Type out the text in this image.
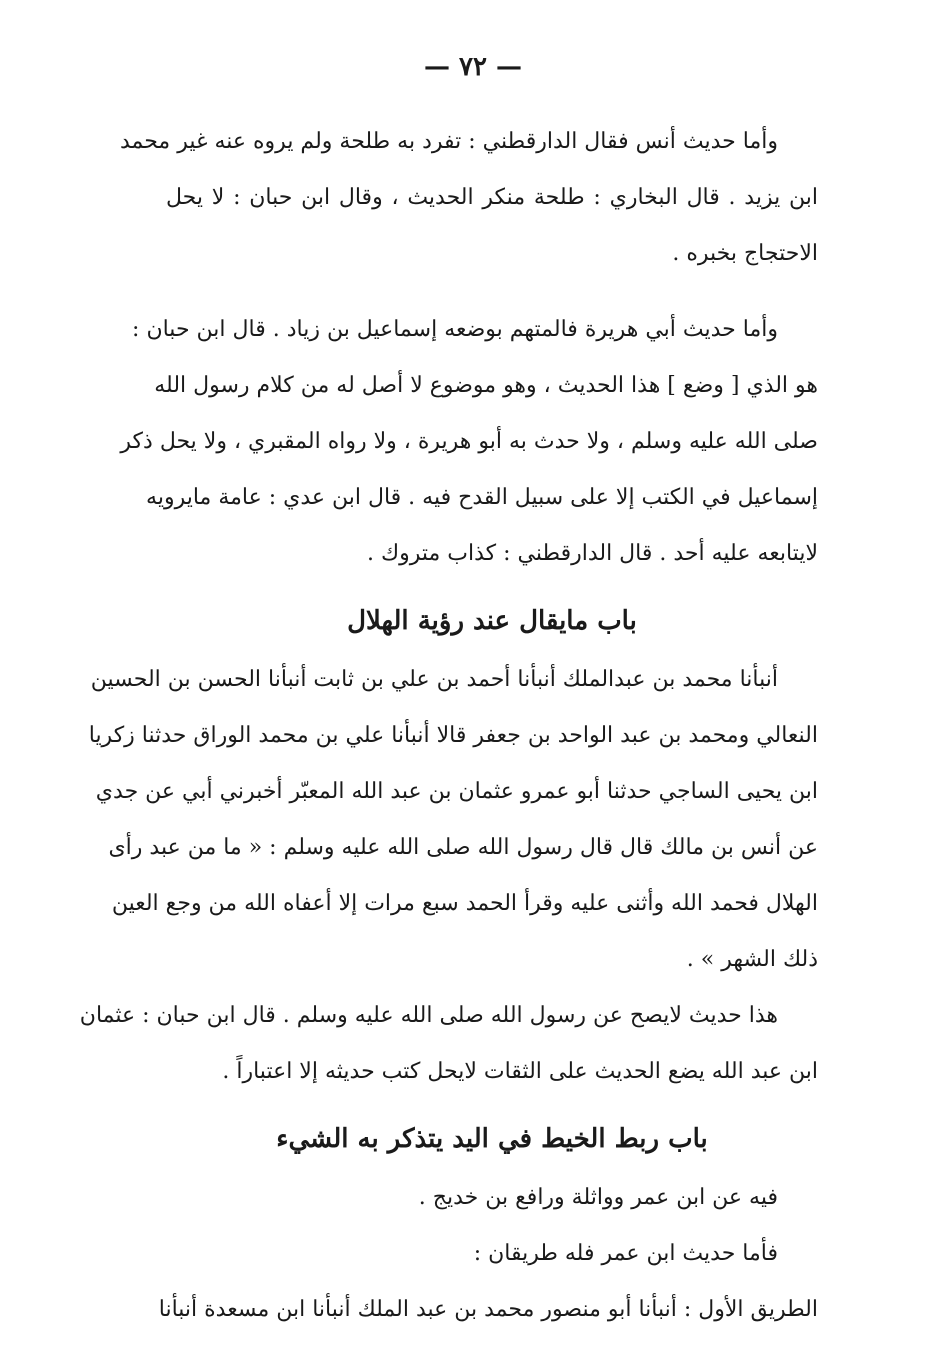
— ٧٢ —
وأما حديث أنس فقال الدارقطني : تفرد به طلحة ولم يروه عنه غير محمد
ابن يزيد . قال البخاري : طلحة منكر الحديث ، وقال ابن حبان : لا يحل
الاحتجاج بخبره .
وأما حديث أبي هريرة فالمتهم بوضعه إسماعيل بن زياد . قال ابن حبان :
هو الذي [ وضع ] هذا الحديث ، وهو موضوع لا أصل له من كلام رسول الله
صلى الله عليه وسلم ، ولا حدث به أبو هريرة ، ولا رواه المقبري ، ولا يحل ذكر
إسماعيل في الكتب إلا على سبيل القدح فيه . قال ابن عدي : عامة مايرويه
لايتابعه عليه أحد . قال الدارقطني : كذاب متروك .
باب مايقال عند رؤية الهلال
أنبأنا محمد بن عبدالملك أنبأنا أحمد بن علي بن ثابت أنبأنا الحسن بن الحسين
النعالي ومحمد بن عبد الواحد بن جعفر قالا أنبأنا علي بن محمد الوراق حدثنا زكريا
ابن يحيى الساجي حدثنا أبو عمرو عثمان بن عبد الله المعبّر أخبرني أبي عن جدي
عن أنس بن مالك قال قال رسول الله صلى الله عليه وسلم : « ما من عبد رأى
الهلال فحمد الله وأثنى عليه وقرأ الحمد سبع مرات إلا أعفاه الله من وجع العين
ذلك الشهر » .
هذا حديث لايصح عن رسول الله صلى الله عليه وسلم . قال ابن حبان : عثمان
ابن عبد الله يضع الحديث على الثقات لايحل كتب حديثه إلا اعتباراً .
باب ربط الخيط في اليد يتذكر به الشيء
فيه عن ابن عمر وواثلة ورافع بن خديج .
فأما حديث ابن عمر فله طريقان :
الطريق الأول : أنبأنا أبو منصور محمد بن عبد الملك أنبأنا ابن مسعدة أنبأنا
